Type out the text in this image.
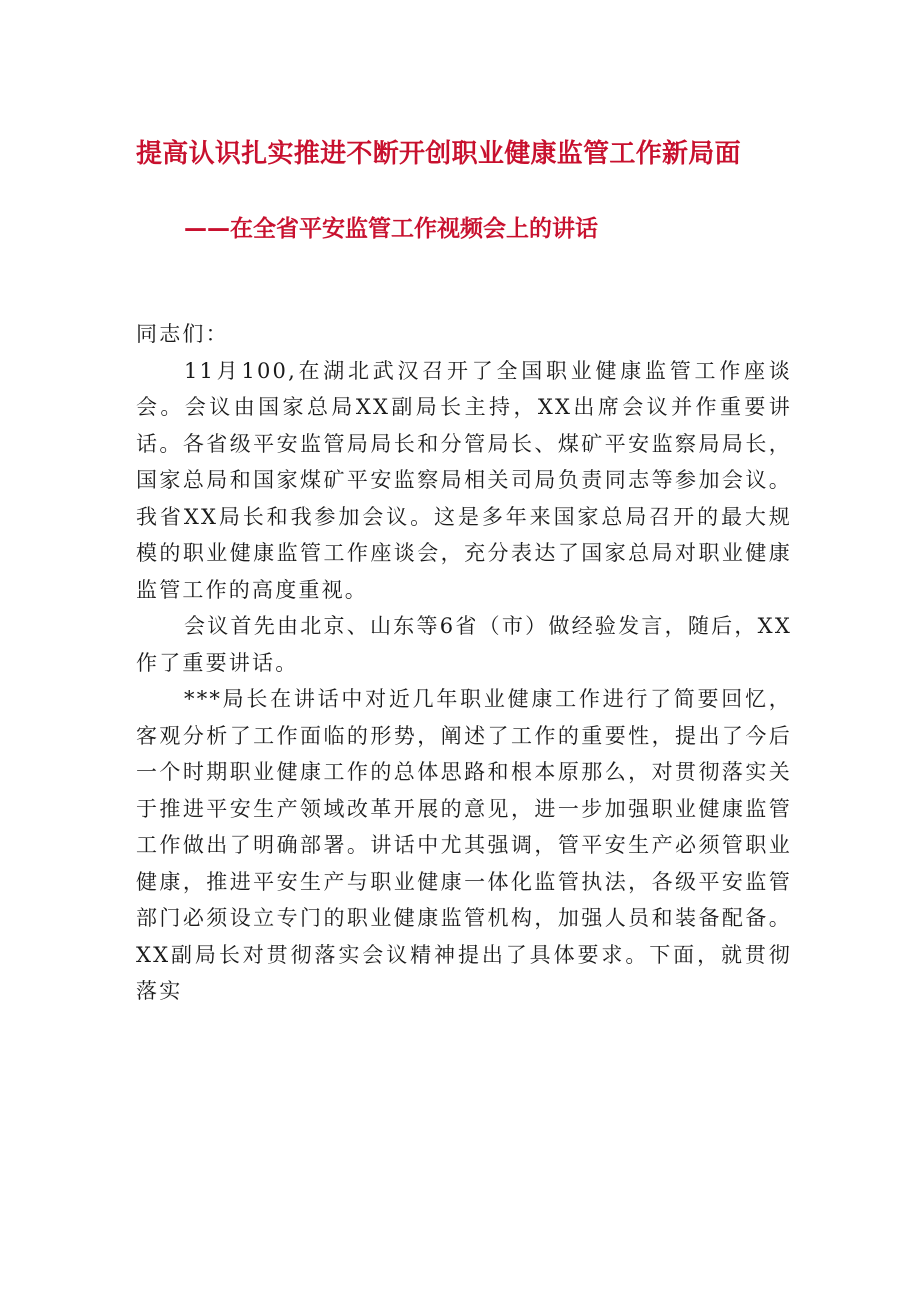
提高认识扎实推进不断开创职业健康监管工作新局面
——在全省平安监管工作视频会上的讲话

同志们：

11月100,在湖北武汉召开了全国职业健康监管工作座谈会。会议由国家总局XX副局长主持，XX出席会议并作重要讲话。各省级平安监管局局长和分管局长、煤矿平安监察局局长，国家总局和国家煤矿平安监察局相关司局负责同志等参加会议。我省XX局长和我参加会议。这是多年来国家总局召开的最大规模的职业健康监管工作座谈会，充分表达了国家总局对职业健康监管工作的高度重视。

会议首先由北京、山东等6省（市）做经验发言，随后，XX作了重要讲话。

***局长在讲话中对近几年职业健康工作进行了简要回忆，客观分析了工作面临的形势，阐述了工作的重要性，提出了今后一个时期职业健康工作的总体思路和根本原那么，对贯彻落实关于推进平安生产领域改革开展的意见，进一步加强职业健康监管工作做出了明确部署。讲话中尤其强调，管平安生产必须管职业健康，推进平安生产与职业健康一体化监管执法，各级平安监管部门必须设立专门的职业健康监管机构，加强人员和装备配备。XX副局长对贯彻落实会议精神提出了具体要求。下面，就贯彻落实
